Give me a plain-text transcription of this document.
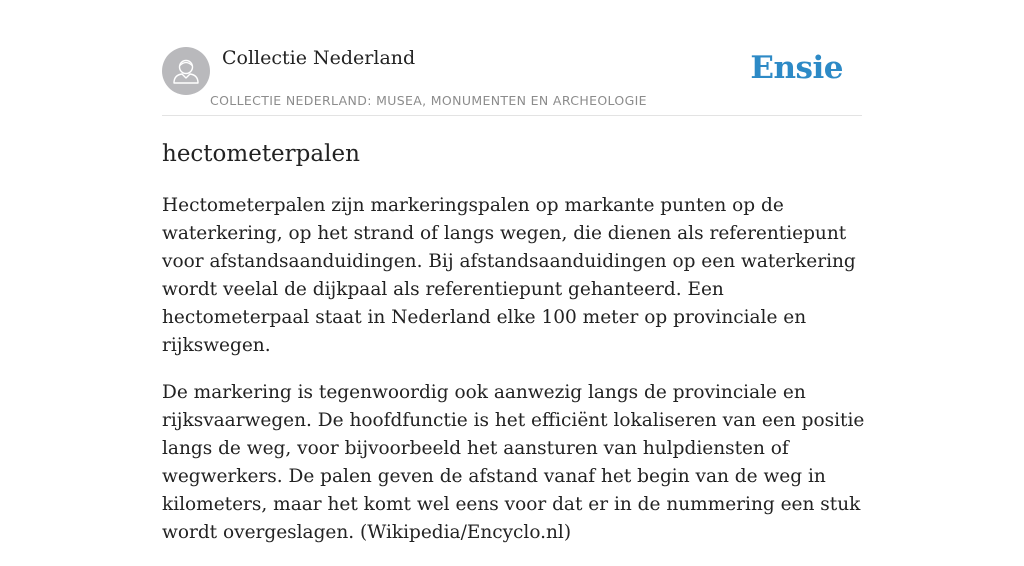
Collectie Nederland
COLLECTIE NEDERLAND: MUSEA, MONUMENTEN EN ARCHEOLOGIE
Ensie
hectometerpalen

Hectometerpalen zijn markeringspalen op markante punten op de waterkering, op het strand of langs wegen, die dienen als referentiepunt voor afstandsaanduidingen. Bij afstandsaanduidingen op een waterkering wordt veelal de dijkpaal als referentiepunt gehanteerd. Een hectometerpaal staat in Nederland elke 100 meter op provinciale en rijkswegen.

De markering is tegenwoordig ook aanwezig langs de provinciale en rijksvaarwegen. De hoofdfunctie is het efficiënt lokaliseren van een positie langs de weg, voor bijvoorbeeld het aansturen van hulpdiensten of wegwerkers. De palen geven de afstand vanaf het begin van de weg in kilometers, maar het komt wel eens voor dat er in de nummering een stuk wordt overgeslagen. (Wikipedia/Encyclo.nl)
